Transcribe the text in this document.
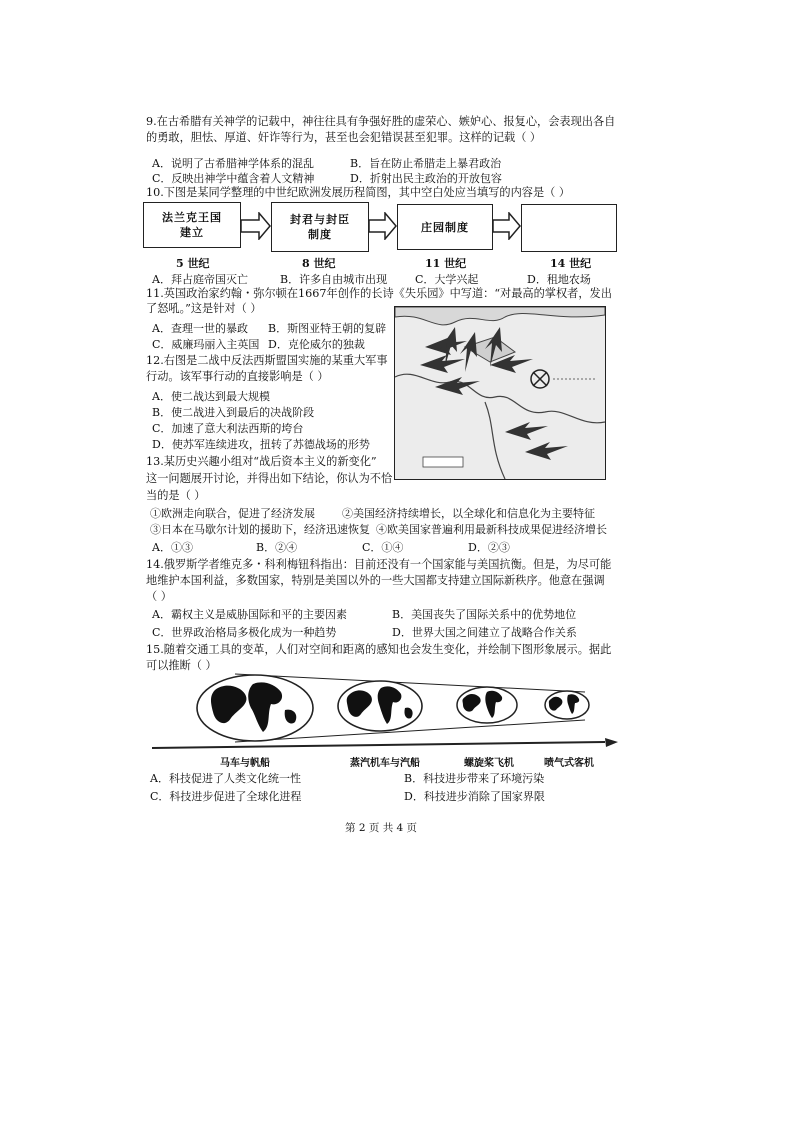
9.在古希腊有关神学的记载中，神往往具有争强好胜的虚荣心、嫉妒心、报复心，会表现出各自
的勇敢，胆怯、厚道、奸诈等行为，甚至也会犯错误甚至犯罪。这样的记载（ ）
A．说明了古希腊神学体系的混乱	B．旨在防止希腊走上暴君政治
C．反映出神学中蕴含着人文精神	D．折射出民主政治的开放包容
10.下图是某同学整理的中世纪欧洲发展历程简图，其中空白处应当填写的内容是（ ）
法兰克王国
建立
封君与封臣
制度
庄园制度
5 世纪	8 世纪	11 世纪	14 世纪
A．拜占庭帝国灭亡	B．许多自由城市出现	C．大学兴起	D．租地农场
11.英国政治家约翰・弥尔顿在1667年创作的长诗《失乐园》中写道：“对最高的掌权者，发出
了怒吼。”这是针对（ ）
A．查理一世的暴政 B．斯图亚特王朝的复辟
C．威廉玛丽入主英国 D．克伦威尔的独裁
12.右图是二战中反法西斯盟国实施的某重大军事
行动。该军事行动的直接影响是（ ）
A．使二战达到最大规模
B．使二战进入到最后的决战阶段
C．加速了意大利法西斯的垮台
D．使苏军连续进攻，扭转了苏德战场的形势
13.某历史兴趣小组对“战后资本主义的新变化”
这一问题展开讨论，并得出如下结论，你认为不恰
当的是（ ）
①欧洲走向联合，促进了经济发展 ②美国经济持续增长，以全球化和信息化为主要特征
③日本在马歇尔计划的援助下，经济迅速恢复 ④欧美国家普遍利用最新科技成果促进经济增长
A．①③	B．②④	C．①④	D．②③
14.俄罗斯学者维克多・科利梅钮科指出：目前还没有一个国家能与美国抗衡。但是，为尽可能
地维护本国利益，多数国家，特别是美国以外的一些大国都支持建立国际新秩序。他意在强调
（ ）
A．霸权主义是威胁国际和平的主要因素	B．美国丧失了国际关系中的优势地位
C．世界政治格局多极化成为一种趋势	D．世界大国之间建立了战略合作关系
15.随着交通工具的变革，人们对空间和距离的感知也会发生变化，并绘制下图形象展示。据此
可以推断（ ）
马车与帆船	蒸汽机车与汽船	螺旋桨飞机	喷气式客机
A．科技促进了人类文化统一性	B．科技进步带来了环境污染
C．科技进步促进了全球化进程	D．科技进步消除了国家界限
第 2 页 共 4 页
